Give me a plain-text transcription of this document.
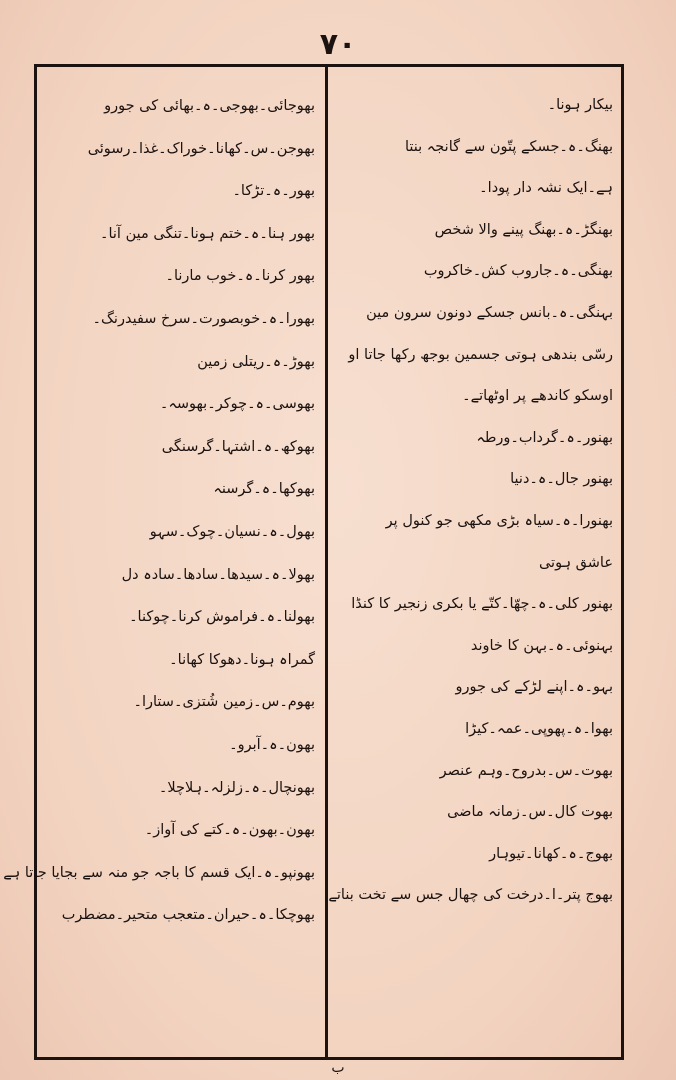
۷۰
بھوجائی۔بھوجی۔ہ۔بھائی کی جورو
بھوجن۔س۔کھانا۔خوراک۔غذا۔رسوئی
بھور۔ہ۔تڑکا۔
بھور ہنا۔ہ۔ختم ہونا۔تنگی مین آنا۔
بھور کرنا۔ہ۔خوب مارنا۔
بھورا۔ہ۔خوبصورت۔سرخ سفیدرنگ۔
بھوڑ۔ہ۔ریتلی زمین
بھوسی۔ہ۔چوکر۔بھوسہ۔
بھوکھ۔ہ۔اشتہا۔گرسنگی
بھوکھا۔ہ۔گرسنہ
بھول۔ہ۔نسیان۔چوک۔سہو
بھولا۔ہ۔سیدھا۔سادھا۔سادہ دل
بھولنا۔ہ۔فراموش کرنا۔چوکنا۔
گمراہ ہونا۔دھوکا کھانا۔
بھوم۔س۔زمین شُتزی۔ستارا۔
بھون۔ہ۔آبرو۔
بھونچال۔ہ۔زلزلہ۔ہلاچلا۔
بھون۔بھون۔ہ۔کتے کی آواز۔
بھونپو۔ہ۔ایک قسم کا باجہ جو منہ سے بجایا جاتا ہے
بھوچکا۔ہ۔حیران۔متعجب متحیر۔مضطرب
بیکار ہونا۔
بھنگ۔ہ۔جسکے پتّون سے گانجہ بنتا
ہے۔ایک نشہ دار پودا۔
بھنگڑ۔ہ۔بھنگ پینے والا شخص
بھنگی۔ہ۔جاروب کش۔خاکروب
بہنگی۔ہ۔بانس جسکے دونون سرون مین
رسّی بندھی ہوتی جسمین بوجھ رکھا جاتا او
اوسکو کاندھے پر اوٹھاتے۔
بھنور۔ہ۔گرداب۔ورطہ
بھنور جال۔ہ۔دنیا
بھنورا۔ہ۔سیاہ بڑی مکھی جو کنول پر
عاشق ہوتی
بھنور کلی۔ہ۔چھّا۔کتّے یا بکری زنجیر کا کنڈا
بہنوئی۔ہ۔بہن کا خاوند
بہو۔ہ۔اپنے لڑکے کی جورو
بھوا۔ہ۔پھوپی۔عمہ۔کیڑا
بھوت۔س۔بدروح۔وہم عنصر
بھوت کال۔س۔زمانہ ماضی
بھوج۔ہ۔کھانا۔تیوہار
بھوج پتر۔ا۔درخت کی چھال جس سے تخت بناتے
ب
